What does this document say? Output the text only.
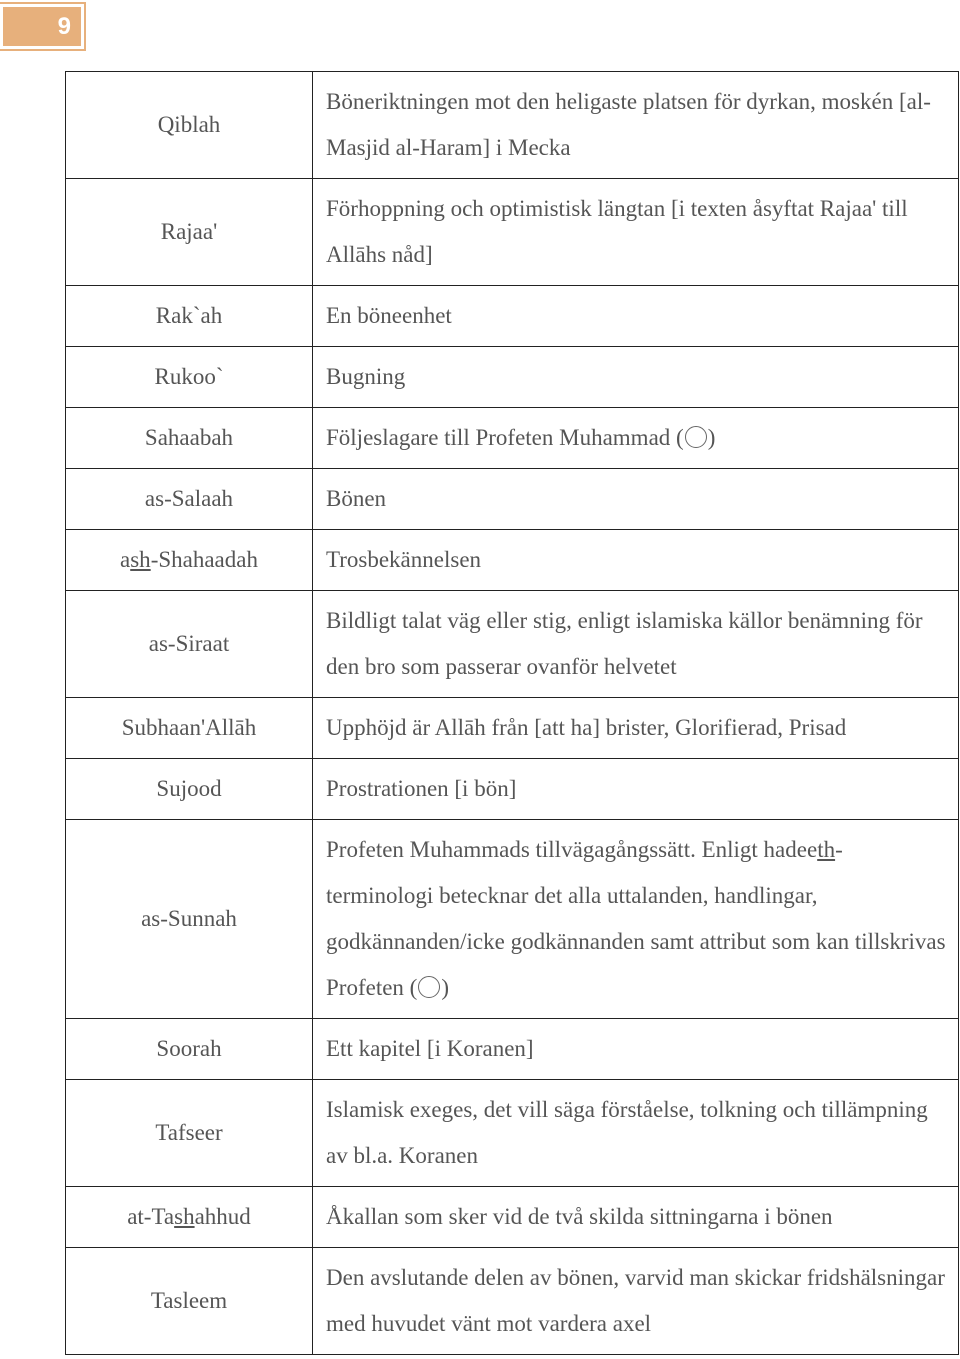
9
Qiblah	Böneriktningen mot den heligaste platsen för dyrkan, moskén [al-Masjid al-Haram] i Mecka
Rajaa'	Förhoppning och optimistisk längtan [i texten åsyftat Rajaa' till Allāhs nåd]
Rak`ah	En böneenhet
Rukoo`	Bugning
Sahaabah	Följeslagare till Profeten Muhammad ( )
as-Salaah	Bönen
ash-Shahaadah	Trosbekännelsen
as-Siraat	Bildligt talat väg eller stig, enligt islamiska källor benämning för den bro som passerar ovanför helvetet
Subhaan'Allāh	Upphöjd är Allāh från [att ha] brister, Glorifierad, Prisad
Sujood	Prostrationen [i bön]
as-Sunnah	Profeten Muhammads tillvägagångssätt. Enligt hadeeth-terminologi betecknar det alla uttalanden, handlingar, godkännanden/icke godkännanden samt attribut som kan tillskrivas Profeten ( )
Soorah	Ett kapitel [i Koranen]
Tafseer	Islamisk exeges, det vill säga förståelse, tolkning och tillämpning av bl.a. Koranen
at-Tashahhud	Åkallan som sker vid de två skilda sittningarna i bönen
Tasleem	Den avslutande delen av bönen, varvid man skickar fridshälsningar med huvudet vänt mot vardera axel
